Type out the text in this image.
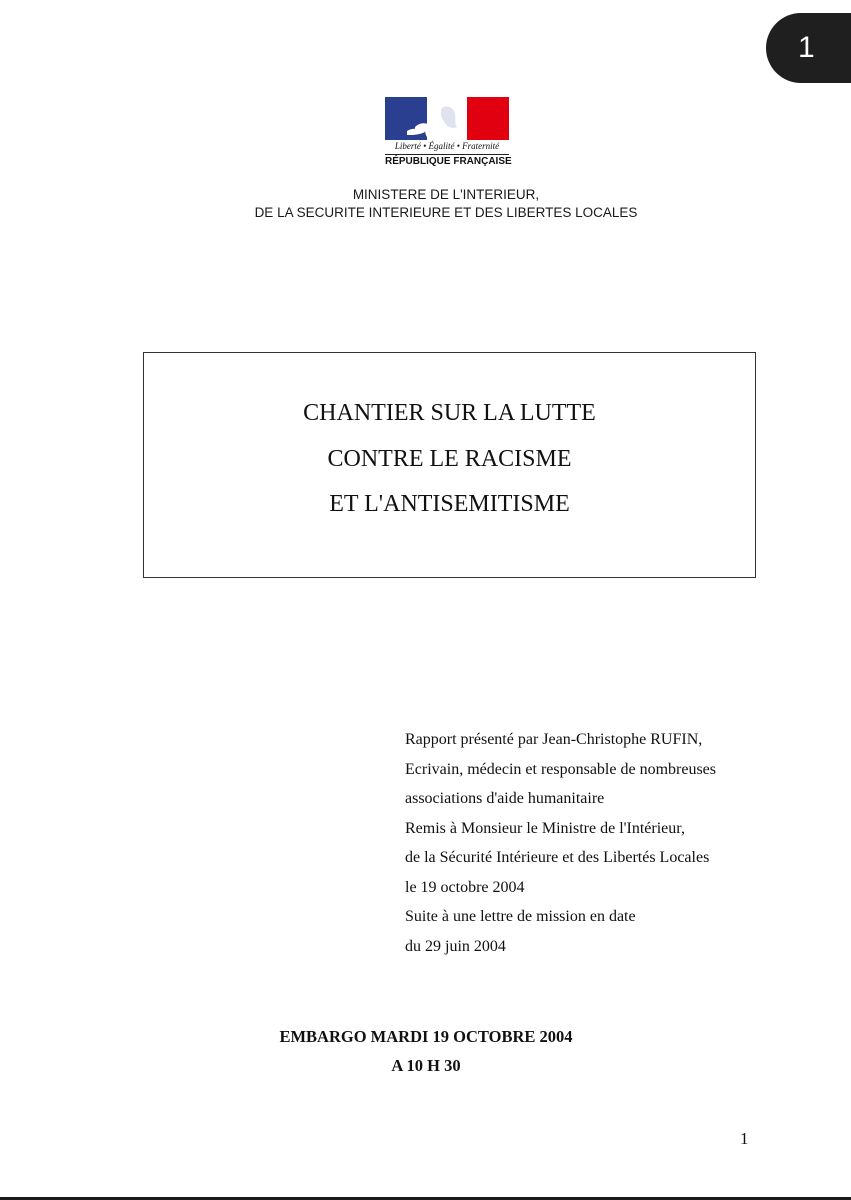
1
Liberté • Égalité • Fraternité
RÉPUBLIQUE FRANÇAISE
MINISTERE DE L'INTERIEUR,
DE LA SECURITE INTERIEURE ET DES LIBERTES LOCALES
CHANTIER SUR LA LUTTE
CONTRE LE RACISME
ET L'ANTISEMITISME
Rapport présenté par Jean-Christophe RUFIN,
Ecrivain, médecin et responsable de nombreuses
associations d'aide humanitaire
Remis à Monsieur le Ministre de l'Intérieur,
de la Sécurité Intérieure et des Libertés Locales
le 19 octobre 2004
Suite à une lettre de mission en date
du 29 juin 2004
EMBARGO MARDI 19 OCTOBRE 2004
A 10 H 30
1
